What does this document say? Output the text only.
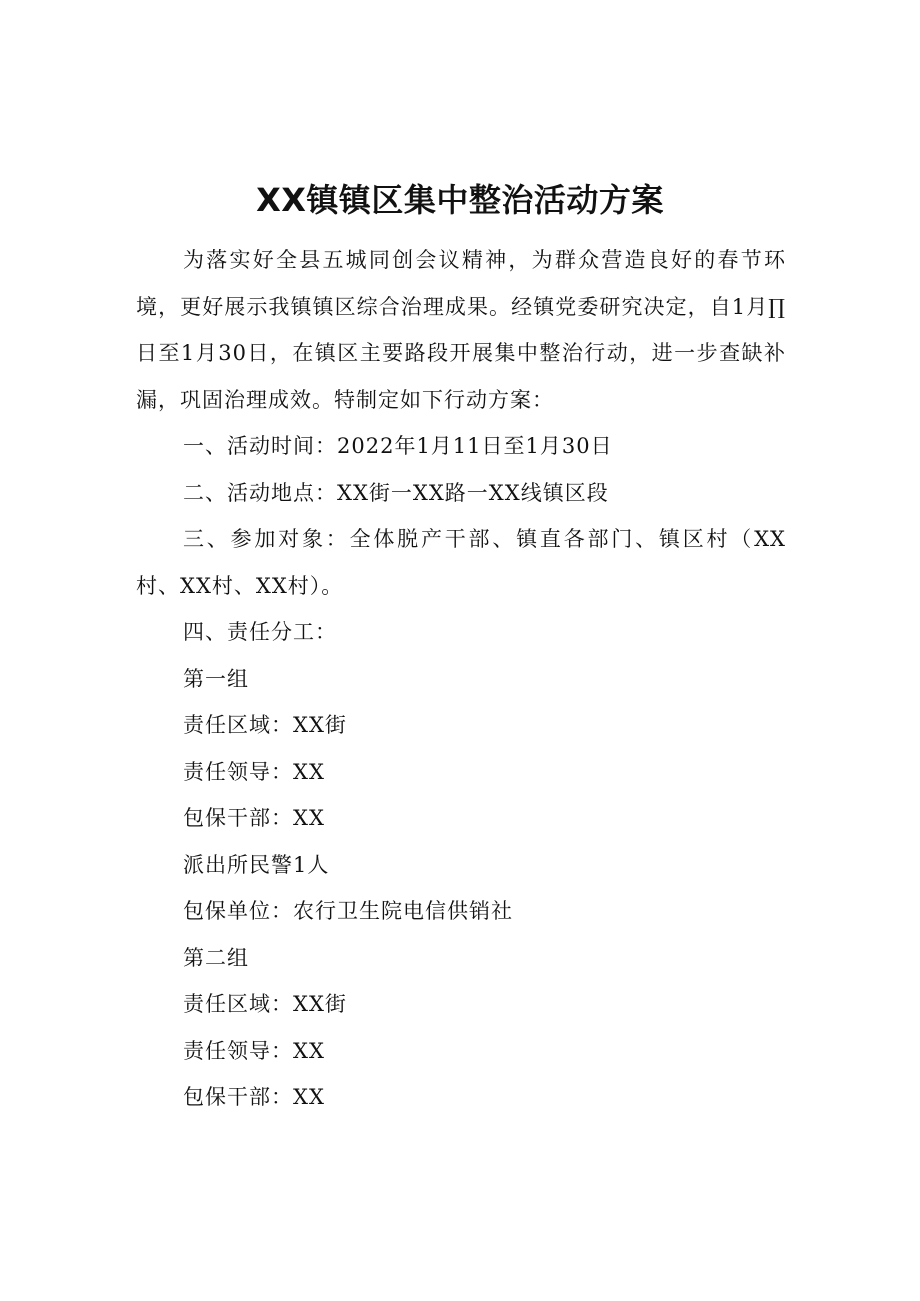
XX镇镇区集中整治活动方案

为落实好全县五城同创会议精神，为群众营造良好的春节环境，更好展示我镇镇区综合治理成果。经镇党委研究决定，自1月∏日至1月30日，在镇区主要路段开展集中整治行动，进一步查缺补漏，巩固治理成效。特制定如下行动方案：

一、活动时间：2022年1月11日至1月30日

二、活动地点：XX街一XX路一XX线镇区段

三、参加对象：全体脱产干部、镇直各部门、镇区村（XX村、XX村、XX村）。

四、责任分工：

第一组

责任区域：XX街

责任领导：XX

包保干部：XX

派出所民警1人

包保单位：农行卫生院电信供销社

第二组

责任区域：XX街

责任领导：XX

包保干部：XX
